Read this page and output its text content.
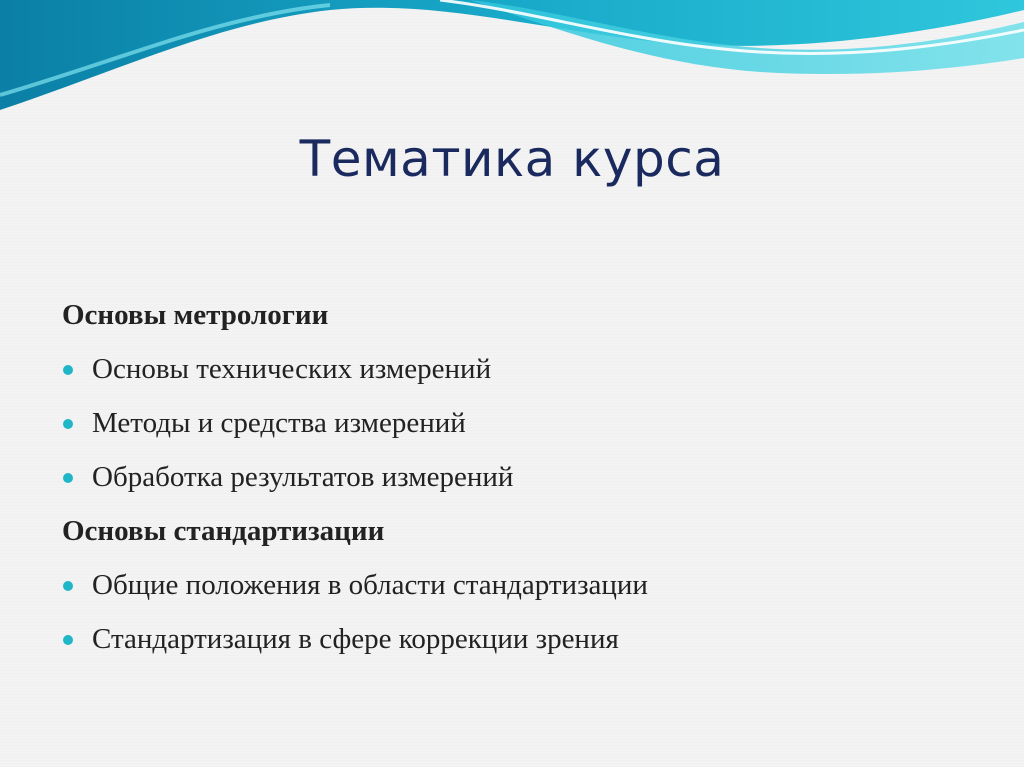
Тематика курса
Основы метрологии
Основы технических измерений
Методы и средства измерений
Обработка результатов измерений
Основы стандартизации
Общие положения в области стандартизации
Стандартизация в сфере коррекции зрения
